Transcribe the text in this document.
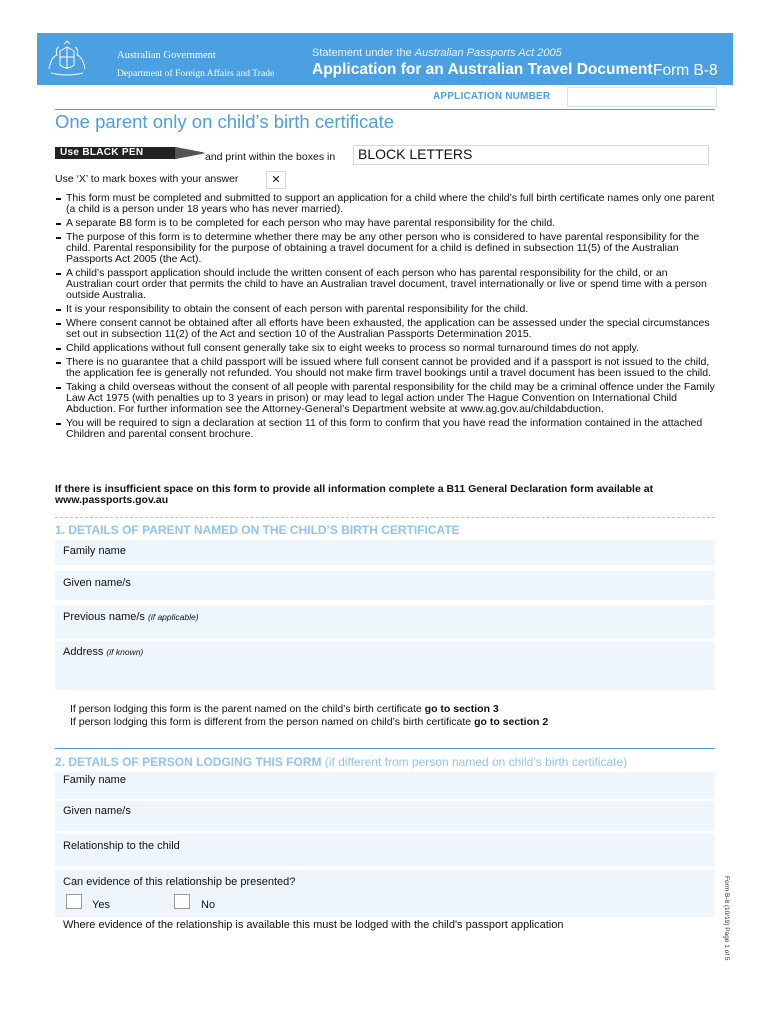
Australian Government
Department of Foreign Affairs and Trade
Statement under the Australian Passports Act 2005
Application for an Australian Travel Document Form B-8
APPLICATION NUMBER
One parent only on child’s birth certificate
Use BLACK PEN	and print within the boxes in BLOCK LETTERS
Use ‘X’ to mark boxes with your answer	✕
This form must be completed and submitted to support an application for a child where the child’s full birth certificate names only one parent (a child is a person under 18 years who has never married).
A separate B8 form is to be completed for each person who may have parental responsibility for the child.
The purpose of this form is to determine whether there may be any other person who is considered to have parental responsibility for the child. Parental responsibility for the purpose of obtaining a travel document for a child is defined in subsection 11(5) of the Australian Passports Act 2005 (the Act).
A child’s passport application should include the written consent of each person who has parental responsibility for the child, or an Australian court order that permits the child to have an Australian travel document, travel internationally or live or spend time with a person outside Australia.
It is your responsibility to obtain the consent of each person with parental responsibility for the child.
Where consent cannot be obtained after all efforts have been exhausted, the application can be assessed under the special circumstances set out in subsection 11(2) of the Act and section 10 of the Australian Passports Determination 2015.
Child applications without full consent generally take six to eight weeks to process so normal turnaround times do not apply.
There is no guarantee that a child passport will be issued where full consent cannot be provided and if a passport is not issued to the child, the application fee is generally not refunded. You should not make firm travel bookings until a travel document has been issued to the child.
Taking a child overseas without the consent of all people with parental responsibility for the child may be a criminal offence under the Family Law Act 1975 (with penalties up to 3 years in prison) or may lead to legal action under The Hague Convention on International Child Abduction. For further information see the Attorney-General’s Department website at www.ag.gov.au/childabduction.
You will be required to sign a declaration at section 11 of this form to confirm that you have read the information contained in the attached Children and parental consent brochure.
If there is insufficient space on this form to provide all information complete a B11 General Declaration form available at www.passports.gov.au
1. DETAILS OF PARENT NAMED ON THE CHILD’S BIRTH CERTIFICATE
Family name
Given name/s
Previous name/s (if applicable)
Address (if known)
If person lodging this form is the parent named on the child’s birth certificate go to section 3
If person lodging this form is different from the person named on child’s birth certificate go to section 2
2. DETAILS OF PERSON LODGING THIS FORM (if different from person named on child’s birth certificate)
Family name
Given name/s
Relationship to the child
Can evidence of this relationship be presented?
Yes	No
Where evidence of the relationship is available this must be lodged with the child's passport application	Form B-8 (10/19) Page 1 of 5
